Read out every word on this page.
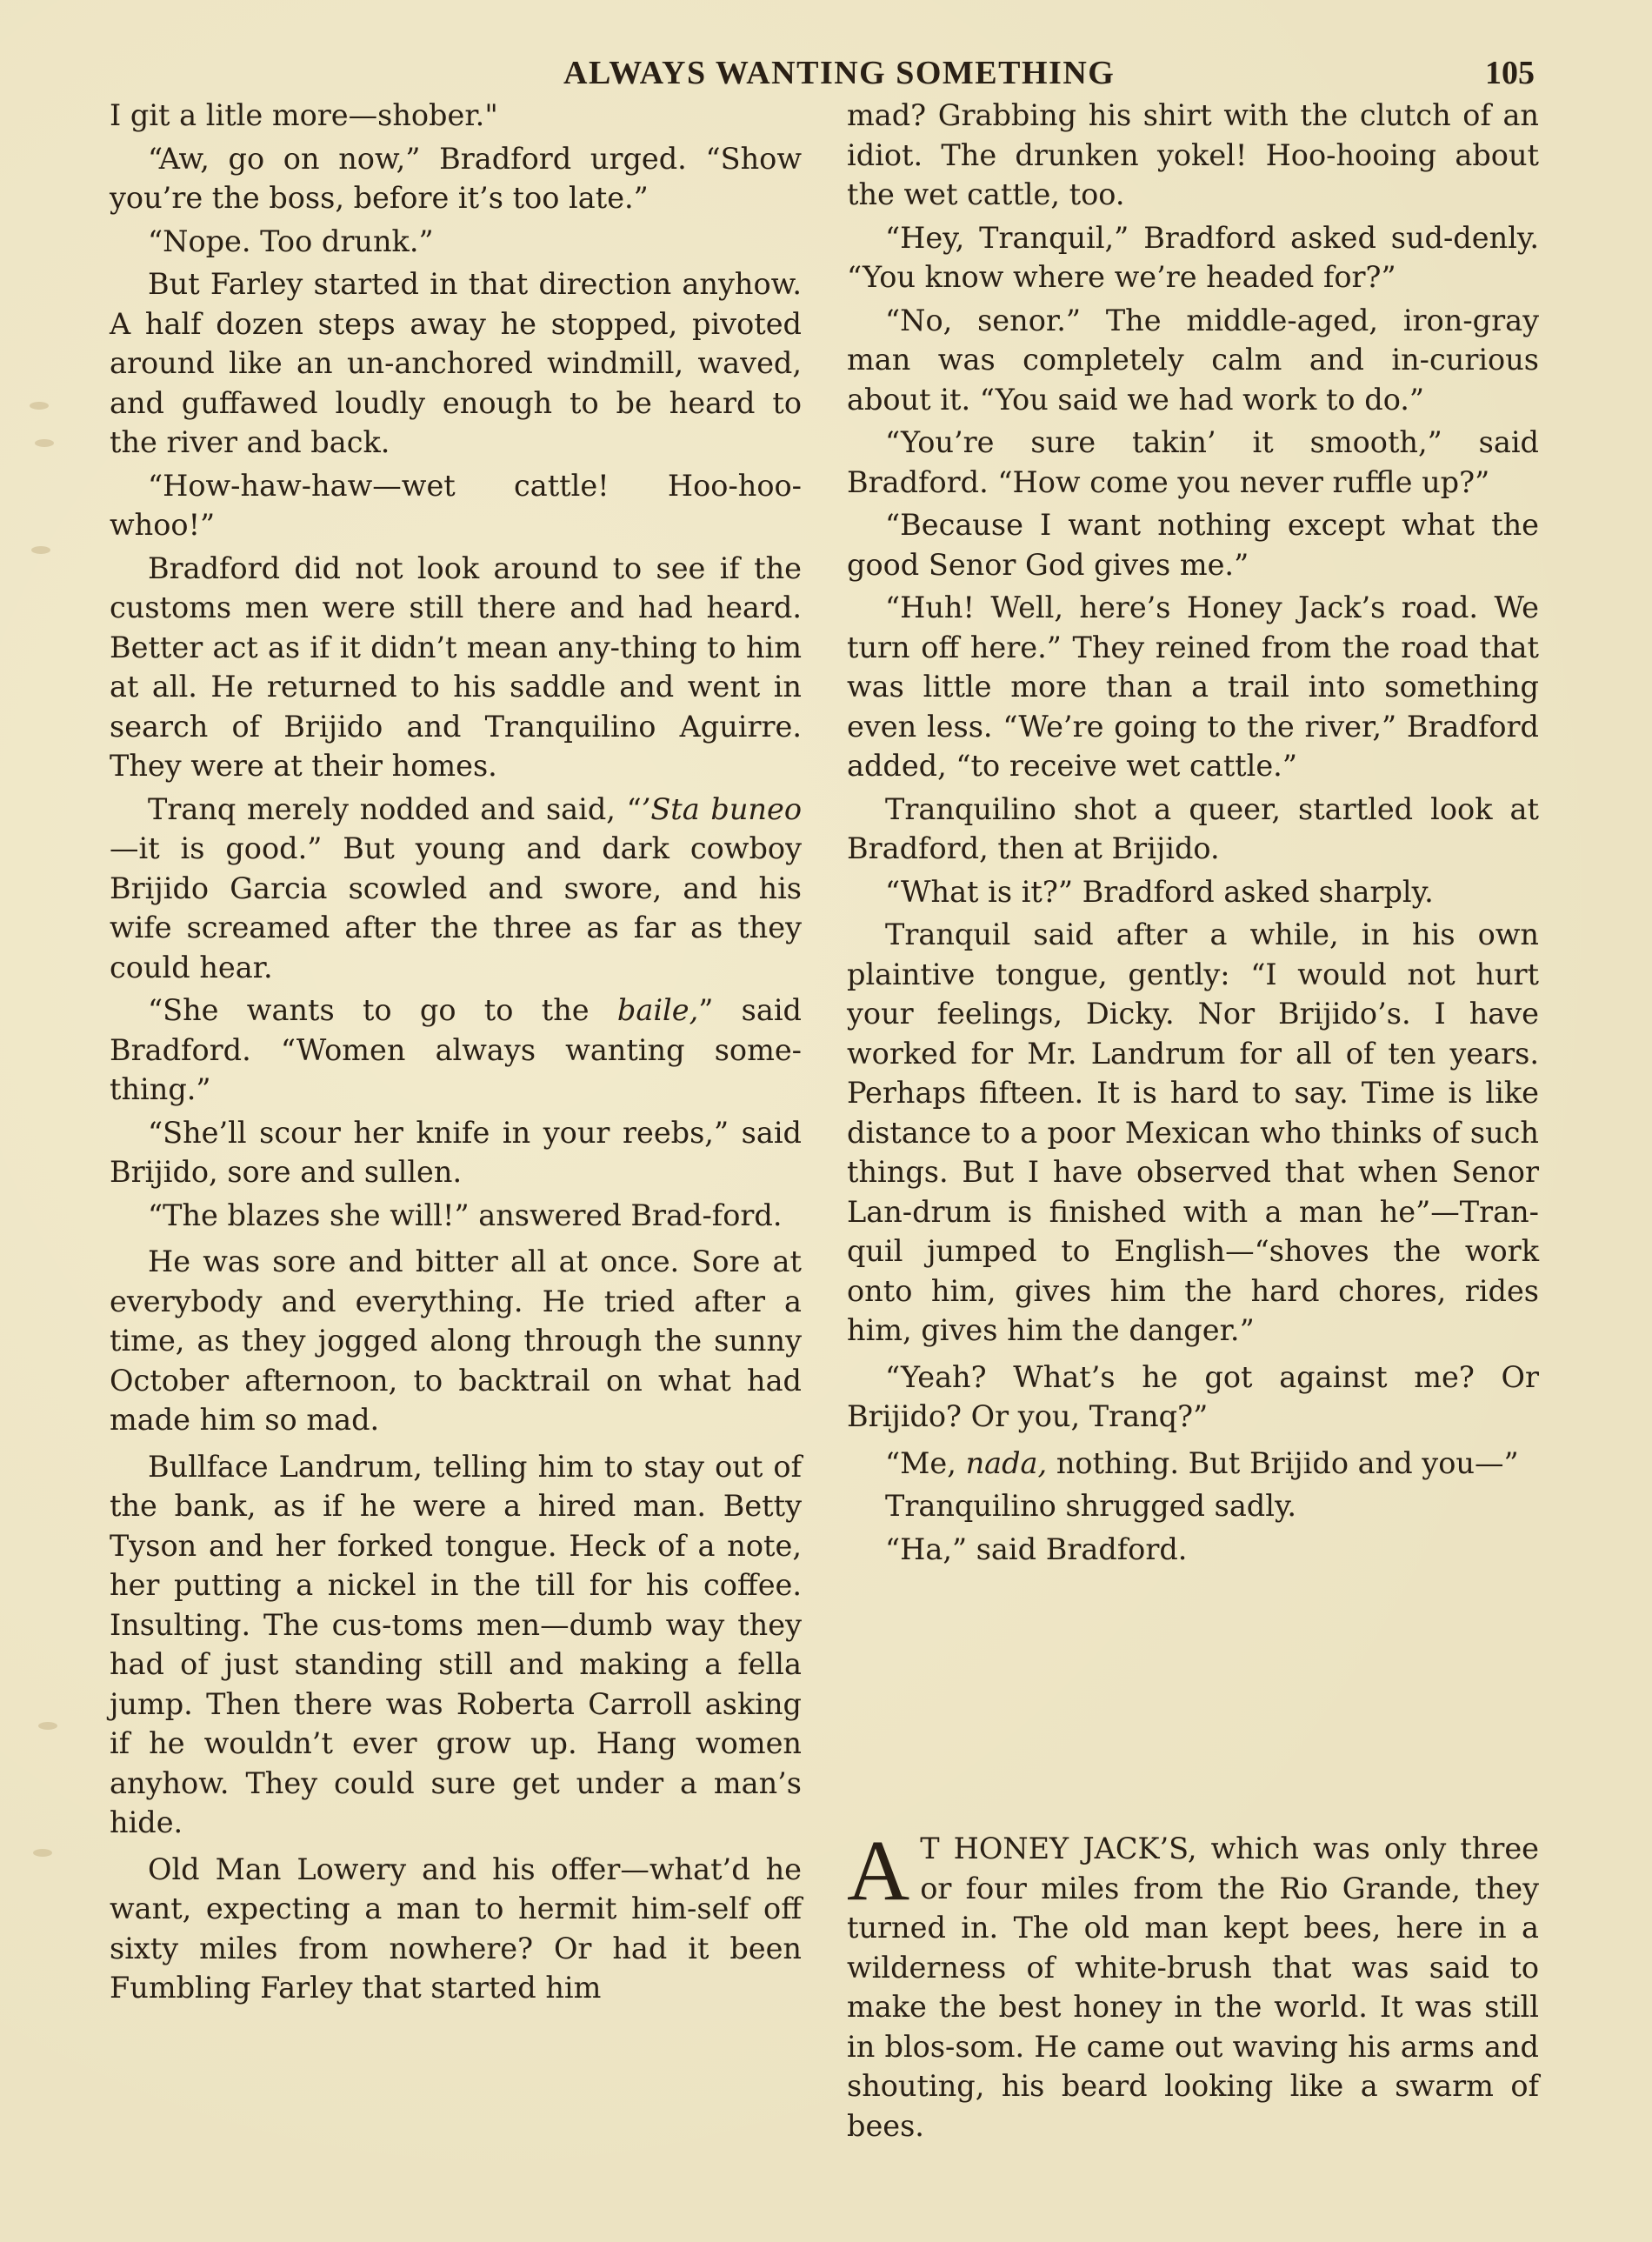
ALWAYS WANTING SOMETHING	105

I git a litle more—shober."

“Aw, go on now,” Bradford urged. “Show you’re the boss, before it’s too late.”

“Nope. Too drunk.”

But Farley started in that direction anyhow. A half dozen steps away he stopped, pivoted around like an un-anchored windmill, waved, and guffawed loudly enough to be heard to the river and back.

“How-haw-haw—wet cattle! Hoo-hoo-whoo!”

Bradford did not look around to see if the customs men were still there and had heard. Better act as if it didn’t mean any-thing to him at all. He returned to his saddle and went in search of Brijido and Tranquilino Aguirre. They were at their homes.

Tranq merely nodded and said, “’Sta buneo—it is good.” But young and dark cowboy Brijido Garcia scowled and swore, and his wife screamed after the three as far as they could hear.

“She wants to go to the baile,” said Bradford. “Women always wanting some-thing.”

“She’ll scour her knife in your reebs,” said Brijido, sore and sullen.

“The blazes she will!” answered Brad-ford.

He was sore and bitter all at once. Sore at everybody and everything. He tried after a time, as they jogged along through the sunny October afternoon, to backtrail on what had made him so mad.

Bullface Landrum, telling him to stay out of the bank, as if he were a hired man. Betty Tyson and her forked tongue. Heck of a note, her putting a nickel in the till for his coffee. Insulting. The cus-toms men—dumb way they had of just standing still and making a fella jump. Then there was Roberta Carroll asking if he wouldn’t ever grow up. Hang women anyhow. They could sure get under a man’s hide.

Old Man Lowery and his offer—what’d he want, expecting a man to hermit him-self off sixty miles from nowhere? Or had it been Fumbling Farley that started him

mad? Grabbing his shirt with the clutch of an idiot. The drunken yokel! Hoo-hooing about the wet cattle, too.

“Hey, Tranquil,” Bradford asked sud-denly. “You know where we’re headed for?”

“No, senor.” The middle-aged, iron-gray man was completely calm and in-curious about it. “You said we had work to do.”

“You’re sure takin’ it smooth,” said Bradford. “How come you never ruffle up?”

“Because I want nothing except what the good Senor God gives me.”

“Huh! Well, here’s Honey Jack’s road. We turn off here.” They reined from the road that was little more than a trail into something even less. “We’re going to the river,” Bradford added, “to receive wet cattle.”

Tranquilino shot a queer, startled look at Bradford, then at Brijido.

“What is it?” Bradford asked sharply.

Tranquil said after a while, in his own plaintive tongue, gently: “I would not hurt your feelings, Dicky. Nor Brijido’s. I have worked for Mr. Landrum for all of ten years. Perhaps fifteen. It is hard to say. Time is like distance to a poor Mexican who thinks of such things. But I have observed that when Senor Lan-drum is finished with a man he”—Tran-quil jumped to English—“shoves the work onto him, gives him the hard chores, rides him, gives him the danger.”

“Yeah? What’s he got against me? Or Brijido? Or you, Tranq?”

“Me, nada, nothing. But Brijido and you—”

Tranquilino shrugged sadly.

“Ha,” said Bradford.

A T HONEY JACK’S, which was only three or four miles from the Rio Grande, they turned in. The old man kept bees, here in a wilderness of white-brush that was said to make the best honey in the world. It was still in blos-som. He came out waving his arms and shouting, his beard looking like a swarm of bees.
